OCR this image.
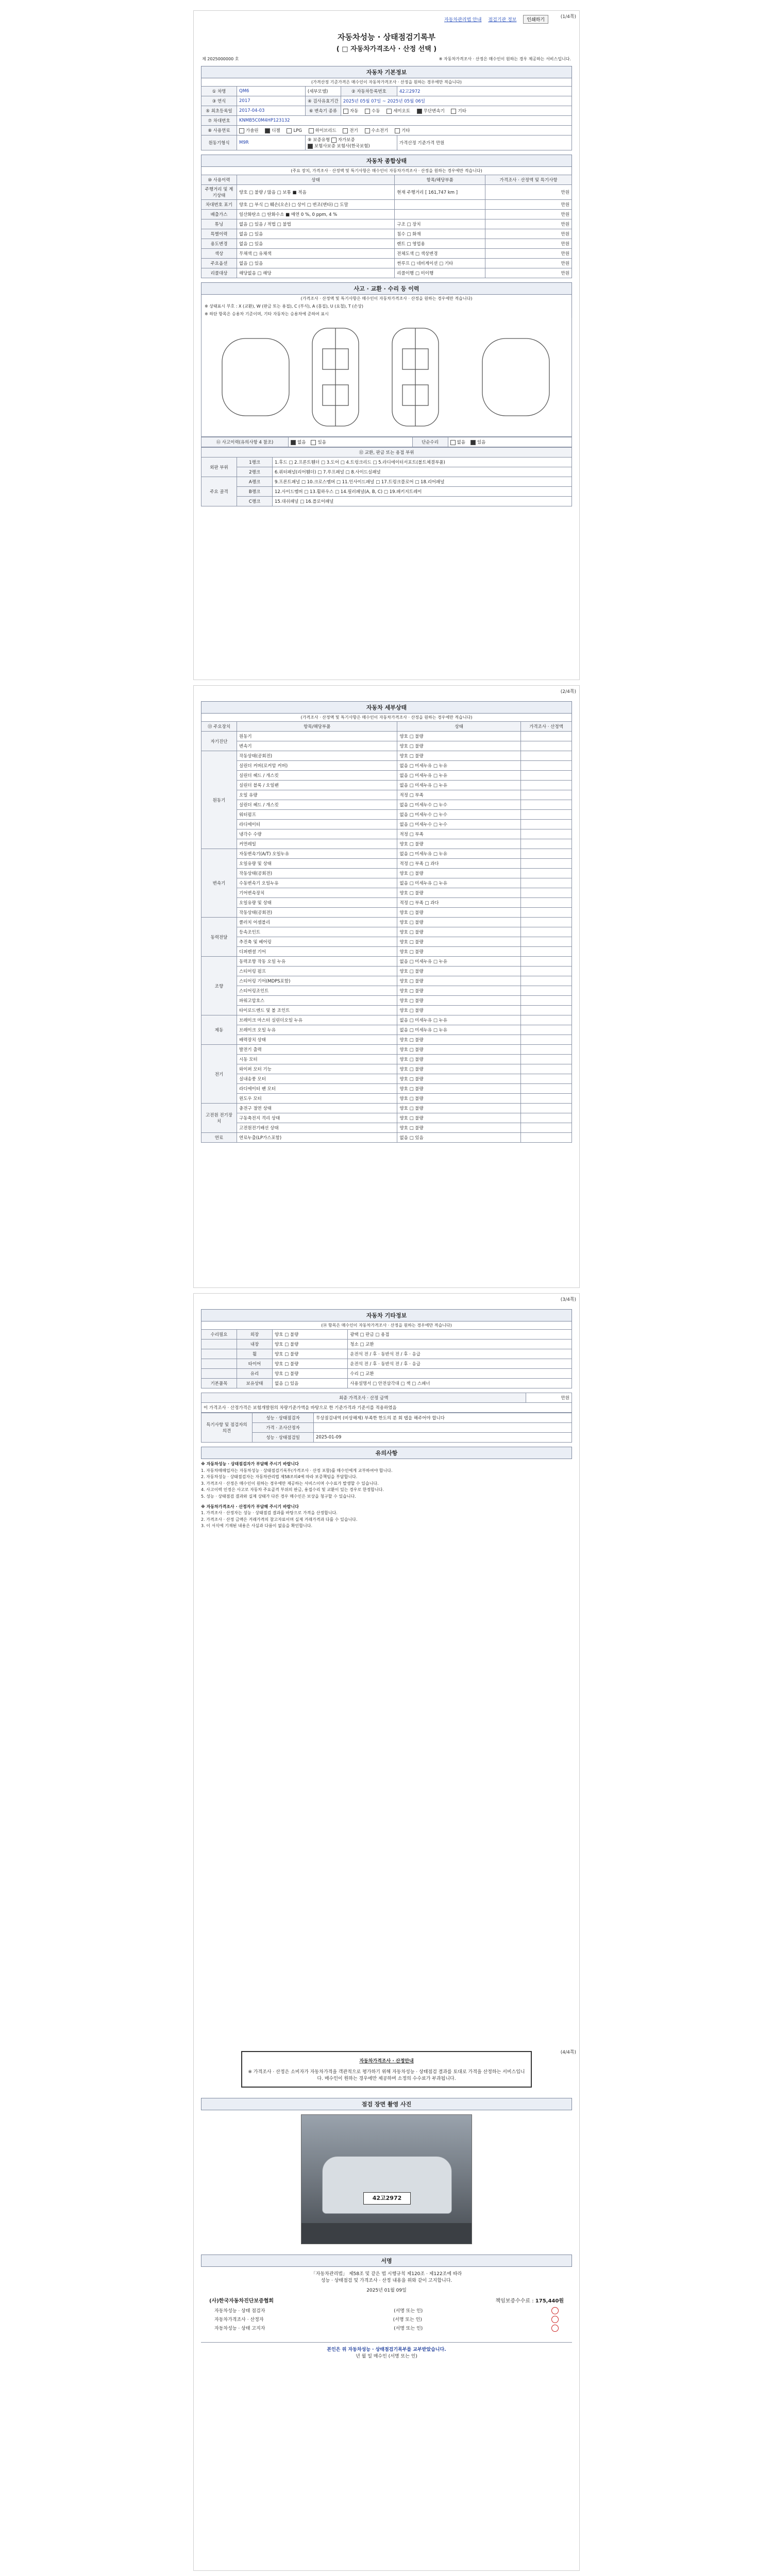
자동차관리법 안내 점검기관 정보 인쇄하기	(1/4쪽)
자동차성능 · 상태점검기록부
( □ 자동차가격조사 · 산정 선택 )
제 2025000000 호	※ 자동차가격조사 · 산정은 매수인이 원하는 경우 제공하는 서비스입니다.
자동차 기본정보
(가격산정 기준가격은 매수인이 자동차가격조사 · 산정을 원하는 경우에만 적습니다)
① 차명	QM6	(세부모델)	② 자동차등록번호	42고2972
③ 연식	2017	④ 검사유효기간	2025년 05월 07일 ~ 2025년 05월 06일	
⑤ 최초등록일	2017-04-03	⑥ 변속기 종류	자동 수동 세미오토 무단변속기 기타	
⑦ 차대번호	KNMB5C0M4HP123132			
⑧ 사용연료	가솔린 디젤 LPG 하이브리드 전기 수소전기 기타			
원동기형식	M9R	⑨ 보증유형 자가보증 보험사보증 보험사(한국보험)		가격산정 기준가격 만원
자동차 종합상태
(주요 장치, 가격조사 · 산정액 및 특기사항은 매수인이 자동차가격조사 · 산정을 원하는 경우에만 적습니다)
⑩ 사용이력	상태	항목/해당부품	가격조사 · 산정액 및 특기사항
주행거리 및 계기상태	양호 □ 불량 / 많음 □ 보통 ■ 적음	현재 주행거리 [ 161,747 km ]	만원
차대번호 표기	양호 □ 부식 □ 훼손(오손) □ 상이 □ 변조(변타) □ 도말		만원
배출가스	일산화탄소 □ 탄화수소 ■ 매연 0 %, 0 ppm, 4 %		만원
튜닝	없음 □ 있음 / 적법 □ 불법	구조 □ 장치	만원
특별이력	없음 □ 있음	침수 □ 화재	만원
용도변경	없음 □ 있음	렌트 □ 영업용	만원
색상	무채색 □ 유채색	전체도색 □ 색상변경	만원
주요옵션	없음 □ 있음	썬루프 □ 네비게이션 □ 기타	만원
리콜대상	해당없음 □ 해당	리콜이행 □ 미이행	만원
사고 · 교환 · 수리 등 이력
(가격조사 · 산정액 및 특기사항은 매수인이 자동차가격조사 · 산정을 원하는 경우에만 적습니다)
※ 상태표시 부호 : X (교환), W (판금 또는 용접), C (부식), A (흠집), U (요철), T (손상)
※ 하단 항목은 승용차 기준이며, 기타 자동차는 승용차에 준하여 표시
⑪ 사고이력(유의사항 4 참조)	없음	있음	단순수리	없음	있음
⑫ 교환, 판금 또는 용접 부위		
외판 부위	1랭크	1.후드 □ 2.프론트휀더 □ 3.도어 □ 4.트렁크리드 □ 5.라디에이터서포트(볼트체결부품)
	2랭크	6.쿼터패널(리어휀더) □ 7.루프패널 □ 8.사이드실패널
주요 골격	A랭크	9.프론트패널 □ 10.크로스멤버 □ 11.인사이드패널 □ 17.트렁크플로어 □ 18.리어패널
	B랭크	12.사이드멤버 □ 13.휠하우스 □ 14.필러패널(A, B, C) □ 19.패키지트레이
	C랭크	15.대쉬패널 □ 16.플로어패널
(2/4쪽)
자동차 세부상태
(가격조사 · 산정액 및 특기사항은 매수인이 자동차가격조사 · 산정을 원하는 경우에만 적습니다)
⑬ 주요장치	항목/해당부품	상태	가격조사 · 산정액
자기진단	원동기	양호 □ 불량	
	변속기	양호 □ 불량	
원동기	작동상태(공회전)	양호 □ 불량	
	실린더 커버(로커암 커버)	없음 □ 미세누유 □ 누유	
	실린더 헤드 / 개스킷	없음 □ 미세누유 □ 누유	
	실린더 블록 / 오일팬	없음 □ 미세누유 □ 누유	
	오일 유량	적정 □ 부족	
	실린더 헤드 / 개스킷	없음 □ 미세누수 □ 누수	
	워터펌프	없음 □ 미세누수 □ 누수	
	라디에이터	없음 □ 미세누수 □ 누수	
	냉각수 수량	적정 □ 부족	
	커먼레일	양호 □ 불량	
변속기	자동변속기(A/T) 오일누유	없음 □ 미세누유 □ 누유	
	오일유량 및 상태	적정 □ 부족 □ 과다	
	작동상태(공회전)	양호 □ 불량	
	수동변속기 오일누유	없음 □ 미세누유 □ 누유	
	기어변속장치	양호 □ 불량	
	오일유량 및 상태	적정 □ 부족 □ 과다	
	작동상태(공회전)	양호 □ 불량	
동력전달	클러치 어셈블리	양호 □ 불량	
	등속조인트	양호 □ 불량	
	추진축 및 베어링	양호 □ 불량	
	디퍼렌셜 기어	양호 □ 불량	
조향	동력조향 작동 오일 누유	없음 □ 미세누유 □ 누유	
	스티어링 펌프	양호 □ 불량	
	스티어링 기어(MDPS포함)	양호 □ 불량	
	스티어링조인트	양호 □ 불량	
	파워고압호스	양호 □ 불량	
	타이로드엔드 및 볼 조인트	양호 □ 불량	
제동	브레이크 마스터 실린더오일 누유	없음 □ 미세누유 □ 누유	
	브레이크 오일 누유	없음 □ 미세누유 □ 누유	
	배력장치 상태	양호 □ 불량	
전기	발전기 출력	양호 □ 불량	
	시동 모터	양호 □ 불량	
	와이퍼 모터 기능	양호 □ 불량	
	실내송풍 모터	양호 □ 불량	
	라디에이터 팬 모터	양호 □ 불량	
	윈도우 모터	양호 □ 불량	
고전원 전기장치	충전구 절연 상태	양호 □ 불량	
	구동축전지 격리 상태	양호 □ 불량	
	고전원전기배선 상태	양호 □ 불량	
연료	연료누출(LP가스포함)	없음 □ 있음	
(3/4쪽)
자동차 기타정보
(⑭ 항목은 매수인이 자동차가격조사 · 산정을 원하는 경우에만 적습니다)
수리필요	외장	양호 □ 불량	광택 □ 판금 □ 용접
	내장	양호 □ 불량	청소 □ 교환
	휠	양호 □ 불량	운전석 전 / 후 · 동반석 전 / 후 · 응급
	타이어	양호 □ 불량	운전석 전 / 후 · 동반석 전 / 후 · 응급
	유리	양호 □ 불량	수리 □ 교환
기본품목	보유상태	없음 □ 있음	사용설명서 □ 안전삼각대 □ 잭 □ 스패너
최종 가격조사 · 산정 금액	만원
이 가격조사 · 산정가격은 보험개발원의 차량기준가액을 바탕으로 한 기준가격과 기준서를 적용하였음
특기사항 및 점검자의 의견	성능 · 상태점검자	무상점검내역 (비상해제) 부족한 한도의 분 회 탭을 해주어야 합니다
	가격 · 조사산정자	
	성능 · 상태점검일	2025-01-09
유의사항

※ 자동차성능 · 상태점검자가 부담해 주시기 바랍니다

1. 자동차매매업자는 자동차성능 · 상태점검기록부(가격조사 · 산정 포함)를 매수인에게 교부하여야 합니다.

2. 자동차성능 · 상태점검자는 자동차관리법 제58조의4에 따라 보증책임을 부담합니다.

3. 가격조사 · 산정은 매수인이 원하는 경우에만 제공하는 서비스이며 수수료가 발생할 수 있습니다.

4. 사고이력 인정은 사고로 자동차 주요골격 부위의 판금, 용접수리 및 교환이 있는 경우로 한정합니다.

5. 성능 · 상태점검 결과와 실제 상태가 다른 경우 매수인은 보상을 청구할 수 있습니다.

※ 자동차가격조사 · 산정자가 부담해 주시기 바랍니다

1. 가격조사 · 산정자는 성능 · 상태점검 결과를 바탕으로 가격을 산정합니다.

2. 가격조사 · 산정 금액은 거래가격의 참고자료이며 실제 거래가격과 다를 수 있습니다.

3. 이 서식에 기재된 내용은 사실과 다름이 없음을 확인합니다.

(4/4쪽)
자동차가격조사 · 산정안내
※ 가격조사 · 산정은 소비자가 자동차가격을 객관적으로 평가하기 위해 자동차성능 · 상태점검 결과를 토대로 가격을 산정하는 서비스입니다. 매수인이 원하는 경우에만 제공하며 소정의 수수료가 부과됩니다.
점검 장면 촬영 사진
42고2972
서명
「자동차관리법」 제58조 및 같은 법 시행규칙 제120조 · 제122조에 따라
성능 · 상태점검 및 가격조사 · 산정 내용을 위와 같이 고지합니다.
2025년 01월 09일
(사)한국자동차진단보증협회	책임보증수수료 : 175,440원
자동차성능 · 상태 점검자	(서명 또는 인)
자동차가격조사 · 산정자	(서명 또는 인)
자동차성능 · 상태 고지자	(서명 또는 인)
본인은 위 자동차성능 · 상태점검기록부를 교부받았습니다.
년 월 일 매수인 (서명 또는 인)
